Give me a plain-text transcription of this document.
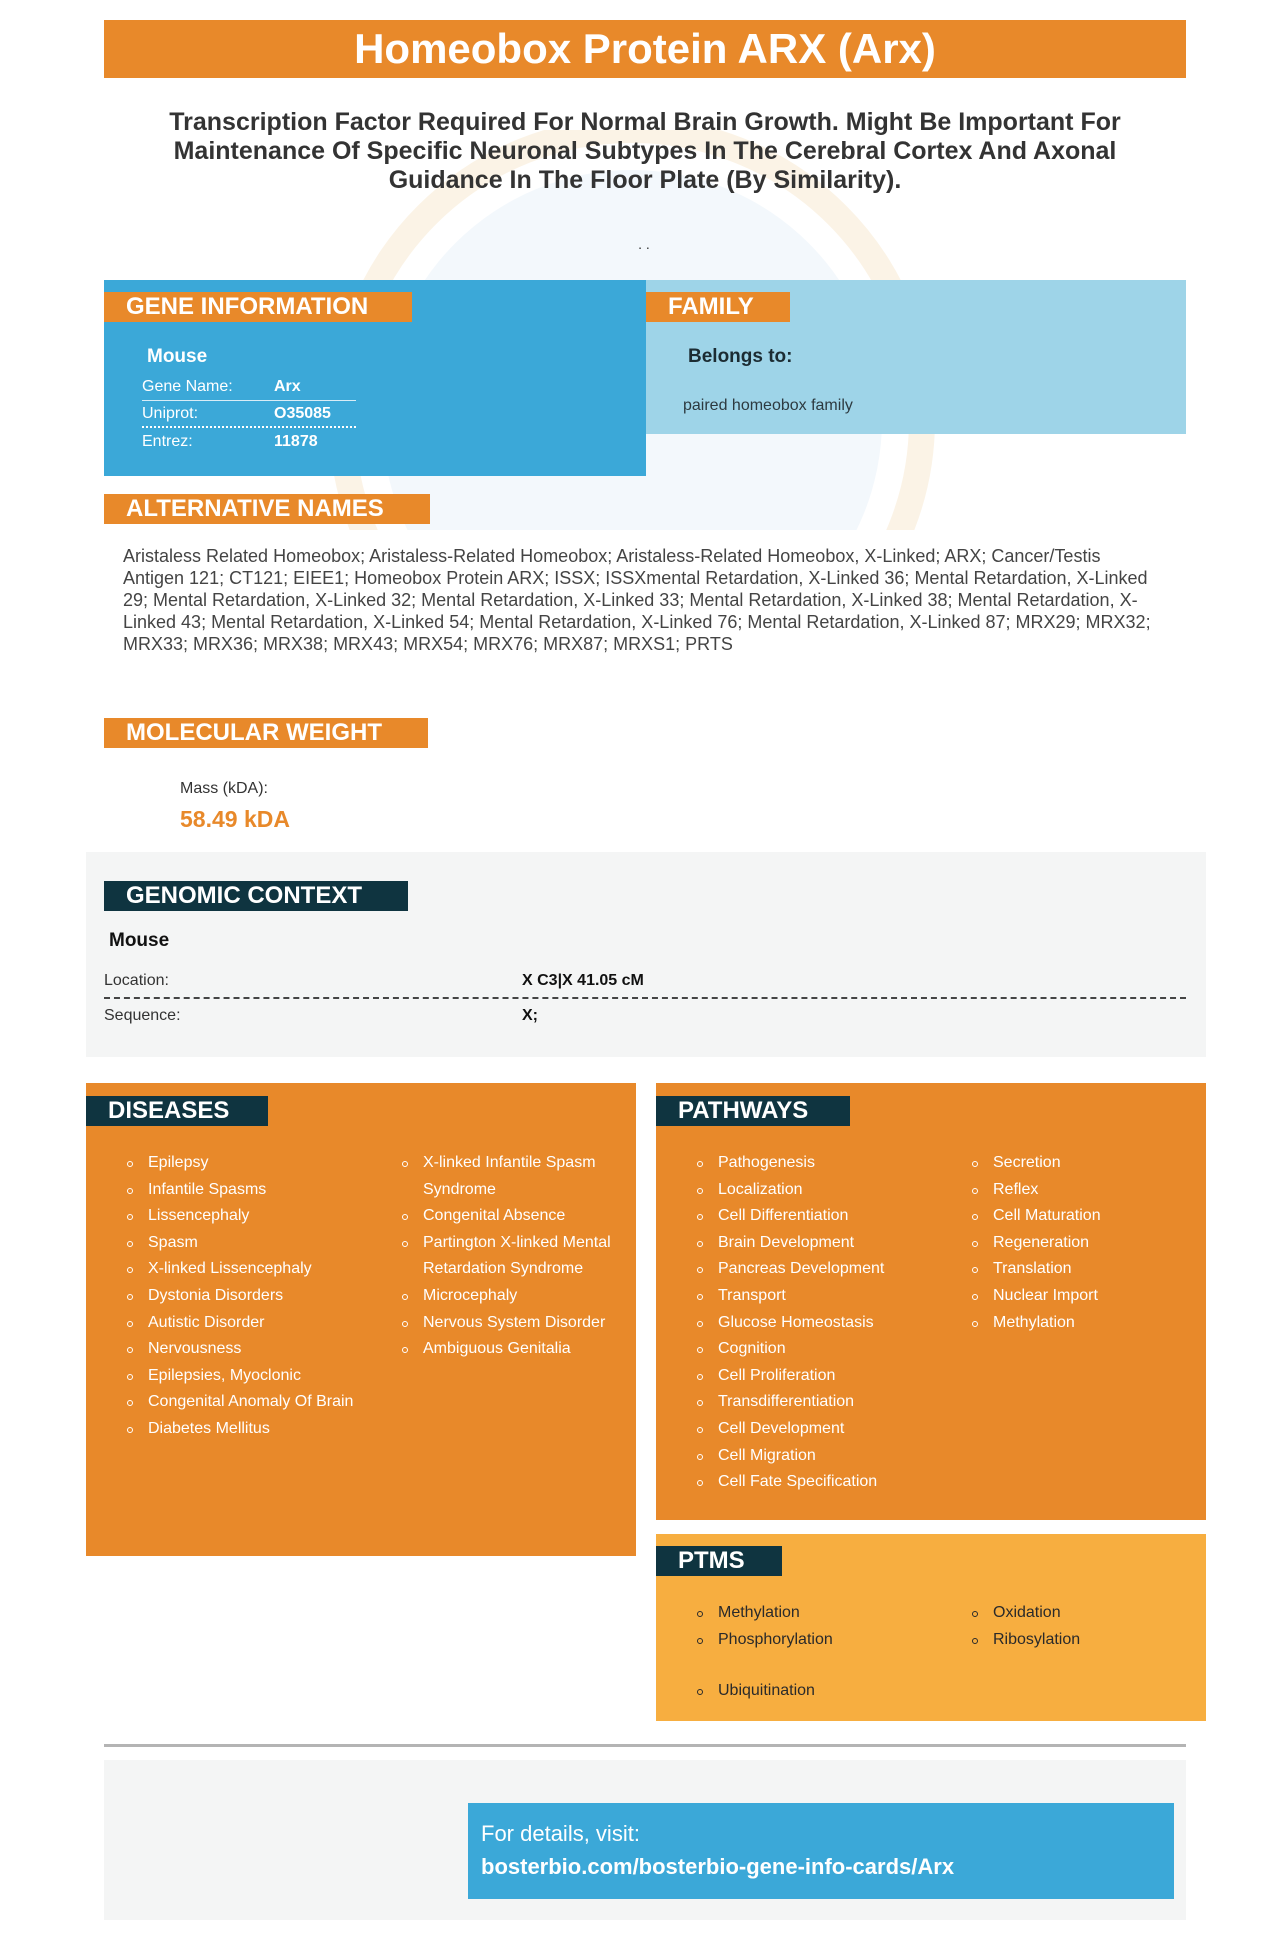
Homeobox Protein ARX (Arx)
Transcription Factor Required For Normal Brain Growth. Might Be Important For Maintenance Of Specific Neuronal Subtypes In The Cerebral Cortex And Axonal Guidance In The Floor Plate (By Similarity).
. .
GENE INFORMATION
Mouse
Gene Name:	Arx
Uniprot:	O35085
Entrez:	11878
FAMILY
Belongs to:
paired homeobox family
ALTERNATIVE NAMES
Aristaless Related Homeobox; Aristaless-Related Homeobox; Aristaless-Related Homeobox, X-Linked; ARX; Cancer/Testis Antigen 121; CT121; EIEE1; Homeobox Protein ARX; ISSX; ISSXmental Retardation, X-Linked 36; Mental Retardation, X-Linked 29; Mental Retardation, X-Linked 32; Mental Retardation, X-Linked 33; Mental Retardation, X-Linked 38; Mental Retardation, X-Linked 43; Mental Retardation, X-Linked 54; Mental Retardation, X-Linked 76; Mental Retardation, X-Linked 87; MRX29; MRX32; MRX33; MRX36; MRX38; MRX43; MRX54; MRX76; MRX87; MRXS1; PRTS
MOLECULAR WEIGHT
Mass (kDA):
58.49 kDA
GENOMIC CONTEXT
Mouse
Location:	X C3|X 41.05 cM
Sequence:	X;
DISEASES
Epilepsy
Infantile Spasms
Lissencephaly
Spasm
X-linked Lissencephaly
Dystonia Disorders
Autistic Disorder
Nervousness
Epilepsies, Myoclonic
Congenital Anomaly Of Brain
Diabetes Mellitus
X-linked Infantile Spasm Syndrome
Congenital Absence
Partington X-linked Mental Retardation Syndrome
Microcephaly
Nervous System Disorder
Ambiguous Genitalia
PATHWAYS
Pathogenesis
Localization
Cell Differentiation
Brain Development
Pancreas Development
Transport
Glucose Homeostasis
Cognition
Cell Proliferation
Transdifferentiation
Cell Development
Cell Migration
Cell Fate Specification
Secretion
Reflex
Cell Maturation
Regeneration
Translation
Nuclear Import
Methylation
PTMS
Methylation
Phosphorylation
Oxidation
Ribosylation
Ubiquitination
For details, visit:
bosterbio.com/bosterbio-gene-info-cards/Arx
